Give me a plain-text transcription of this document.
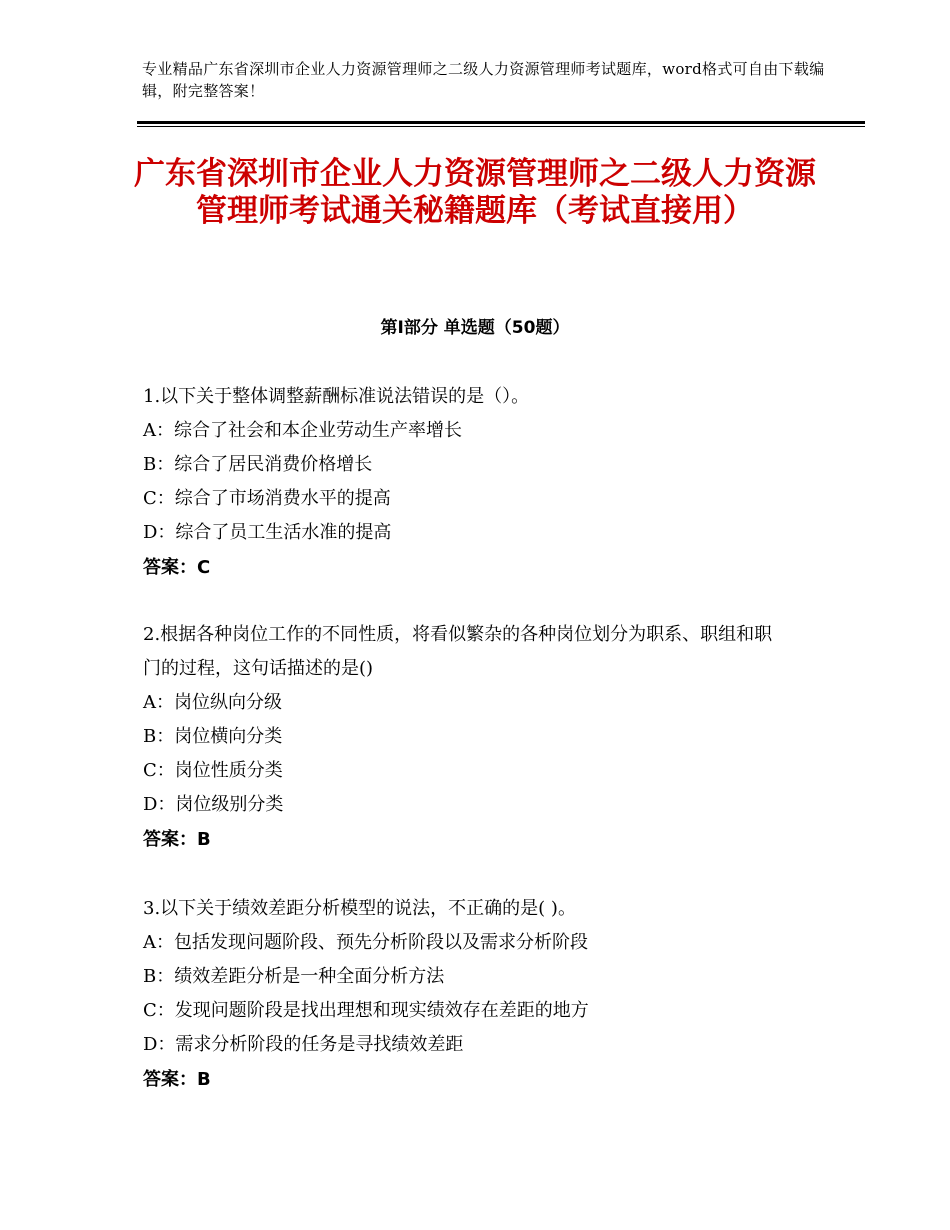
专业精品广东省深圳市企业人力资源管理师之二级人力资源管理师考试题库，word格式可自由下载编辑，附完整答案！
广东省深圳市企业人力资源管理师之二级人力资源管理师考试通关秘籍题库（考试直接用）
第Ⅰ部分 单选题（50题）
1.以下关于整体调整薪酬标准说法错误的是（）。
A：综合了社会和本企业劳动生产率增长
B：综合了居民消费价格增长
C：综合了市场消费水平的提高
D：综合了员工生活水准的提高
答案：C
2.根据各种岗位工作的不同性质，将看似繁杂的各种岗位划分为职系、职组和职门的过程，这句话描述的是()
A：岗位纵向分级
B：岗位横向分类
C：岗位性质分类
D：岗位级别分类
答案：B
3.以下关于绩效差距分析模型的说法，不正确的是( )。
A：包括发现问题阶段、预先分析阶段以及需求分析阶段
B：绩效差距分析是一种全面分析方法
C：发现问题阶段是找出理想和现实绩效存在差距的地方
D：需求分析阶段的任务是寻找绩效差距
答案：B
